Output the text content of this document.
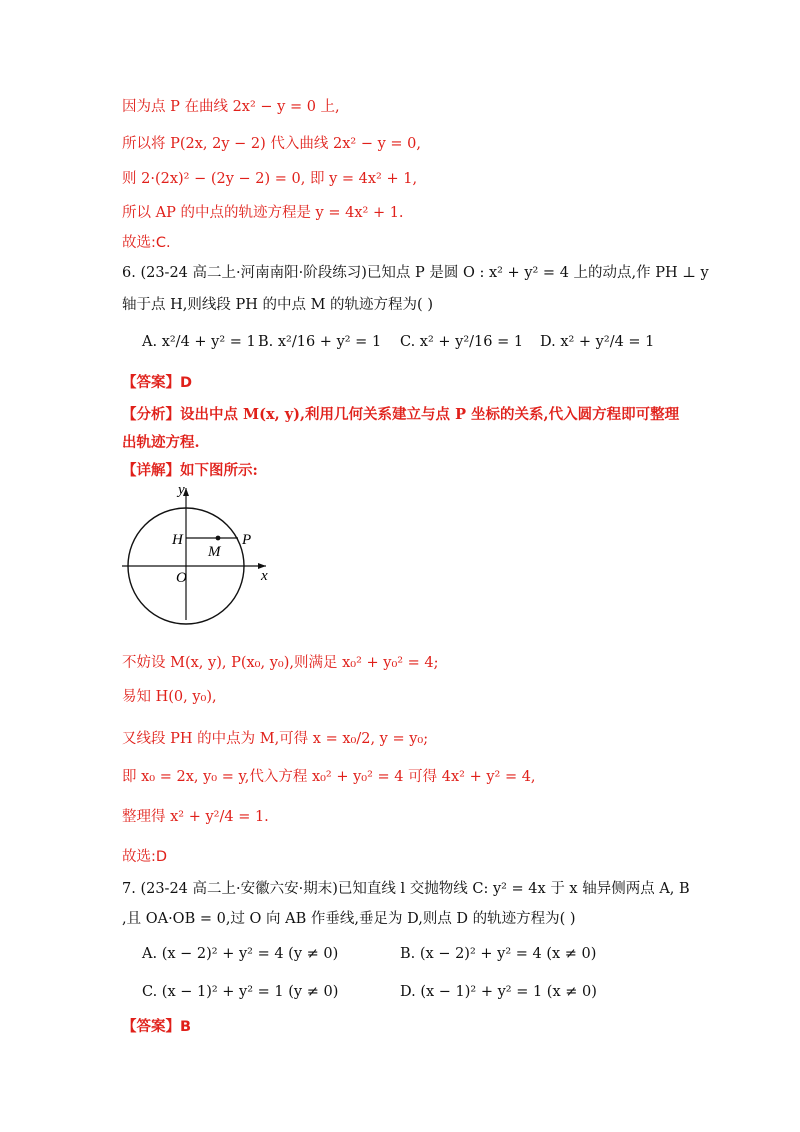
因为点 P 在曲线 2x² − y = 0 上,
所以将 P(2x, 2y − 2) 代入曲线 2x² − y = 0,
则 2·(2x)² − (2y − 2) = 0, 即 y = 4x² + 1,
所以 AP 的中点的轨迹方程是 y = 4x² + 1.
故选:C.
6. (23-24 高二上·河南南阳·阶段练习)已知点 P 是圆 O : x² + y² = 4 上的动点,作 PH ⊥ y
轴于点 H,则线段 PH 的中点 M 的轨迹方程为( )
A. x²/4 + y² = 1 B. x²/16 + y² = 1 C. x² + y²/16 = 1 D. x² + y²/4 = 1
【答案】D
【分析】设出中点 M(x, y),利用几何关系建立与点 P 坐标的关系,代入圆方程即可整理
出轨迹方程.
【详解】如下图所示:
y
x
H
M
P
O
不妨设 M(x, y), P(x₀, y₀),则满足 x₀² + y₀² = 4;
易知 H(0, y₀),
又线段 PH 的中点为 M,可得 x = x₀/2, y = y₀;
即 x₀ = 2x, y₀ = y,代入方程 x₀² + y₀² = 4 可得 4x² + y² = 4,
整理得 x² + y²/4 = 1.
故选:D
7. (23-24 高二上·安徽六安·期末)已知直线 l 交抛物线 C: y² = 4x 于 x 轴异侧两点 A, B
,且 OA·OB = 0,过 O 向 AB 作垂线,垂足为 D,则点 D 的轨迹方程为( )
A. (x − 2)² + y² = 4 (y ≠ 0)	B. (x − 2)² + y² = 4 (x ≠ 0)
C. (x − 1)² + y² = 1 (y ≠ 0)	D. (x − 1)² + y² = 1 (x ≠ 0)
【答案】B
